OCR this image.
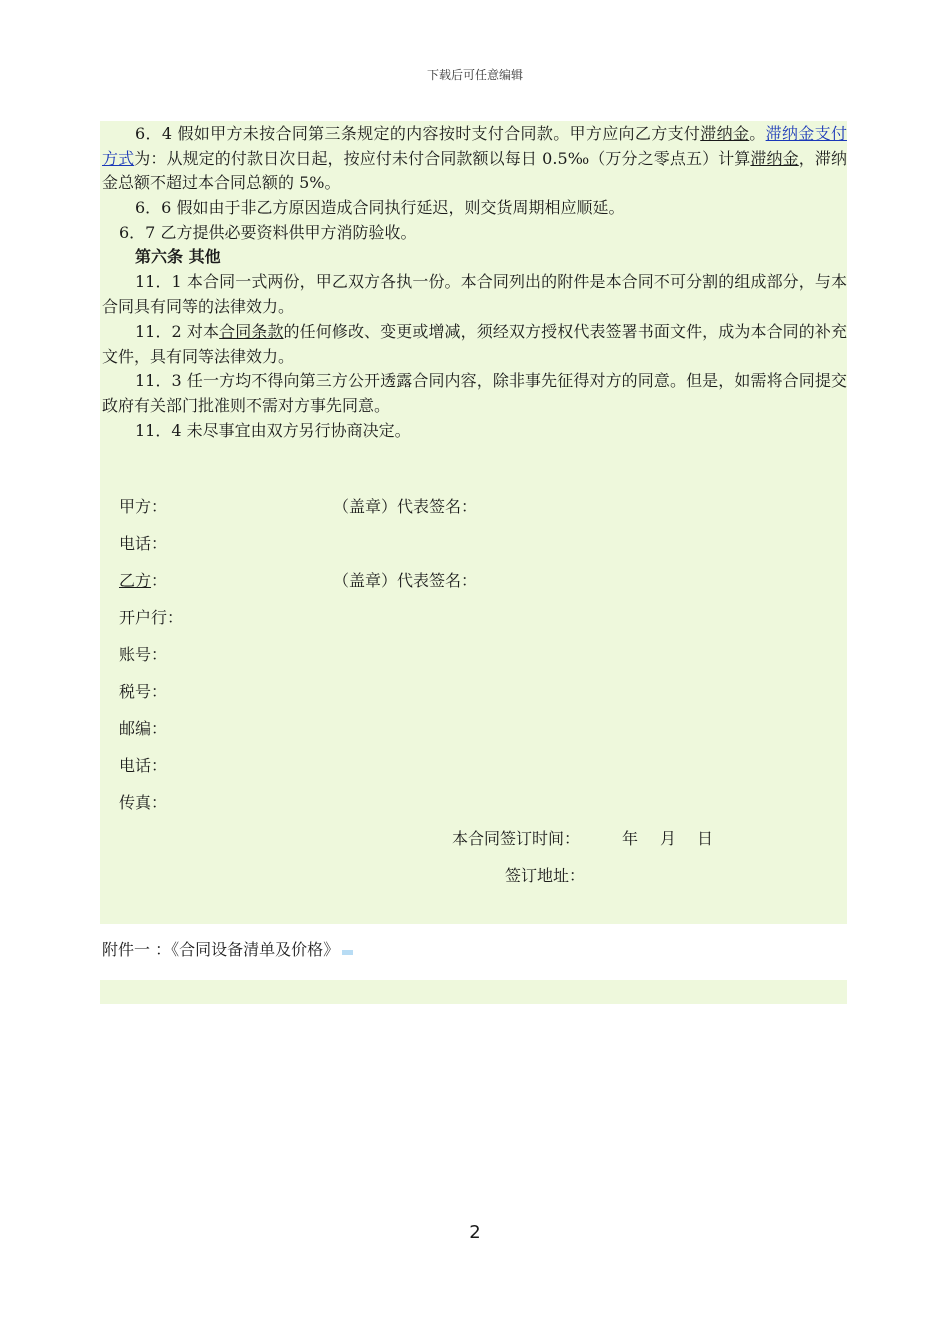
下载后可任意编辑

6．4 假如甲方未按合同第三条规定的内容按时支付合同款。甲方应向乙方支付滞纳金。滞纳金支付方式为：从规定的付款日次日起，按应付未付合同款额以每日 0.5‰（万分之零点五）计算滞纳金，滞纳金总额不超过本合同总额的 5%。

6．6 假如由于非乙方原因造成合同执行延迟，则交货周期相应顺延。

6．7 乙方提供必要资料供甲方消防验收。

第六条 其他

11．1 本合同一式两份，甲乙双方各执一份。本合同列出的附件是本合同不可分割的组成部分，与本合同具有同等的法律效力。

11．2 对本合同条款的任何修改、变更或增减，须经双方授权代表签署书面文件，成为本合同的补充文件，具有同等法律效力。

11．3 任一方均不得向第三方公开透露合同内容，除非事先征得对方的同意。但是，如需将合同提交政府有关部门批准则不需对方事先同意。

11．4 未尽事宜由双方另行协商决定。

甲方：	（盖章）代表签名：
电话：
乙方：	（盖章）代表签名：
开户行：
账号：
税号：
邮编：
电话：
传真：
本合同签订时间：	年 月 日
签订地址：
附件一 ：《合同设备清单及价格》
2
